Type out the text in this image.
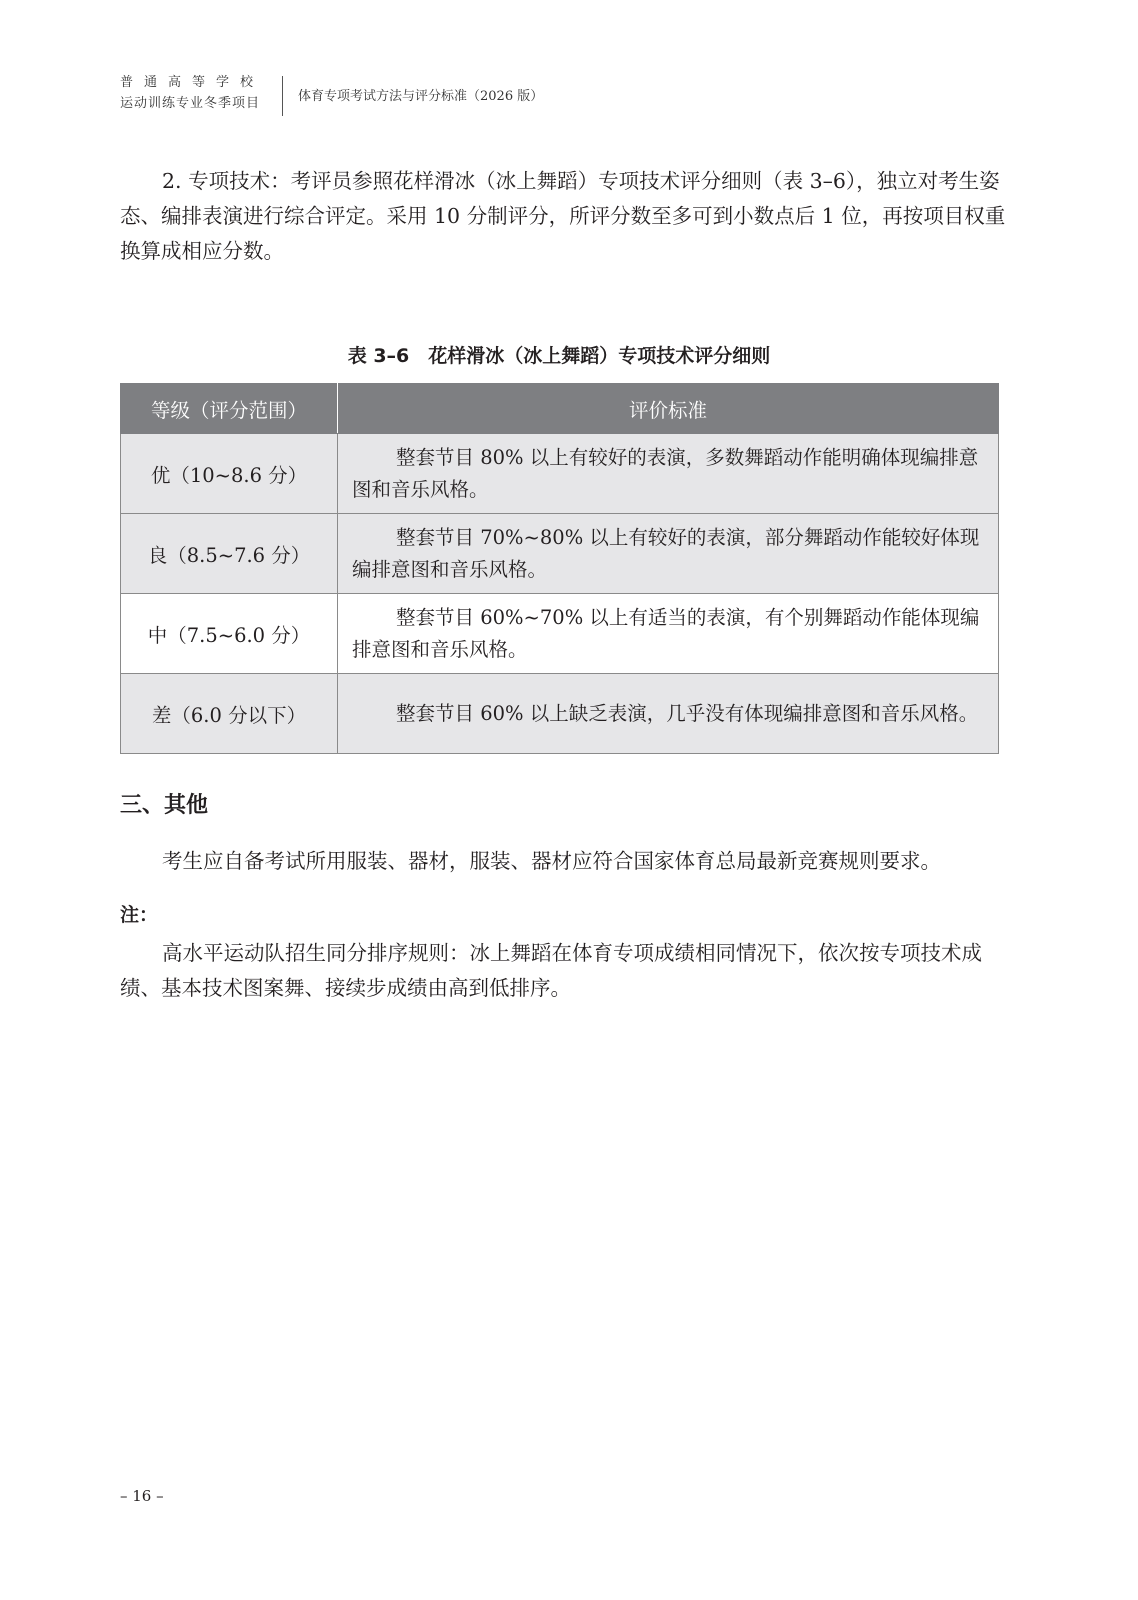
普通高等学校
运动训练专业冬季项目	体育专项考试方法与评分标准（2026 版）

2. 专项技术：考评员参照花样滑冰（冰上舞蹈）专项技术评分细则（表 3–6），独立对考生姿态、编排表演进行综合评定。采用 10 分制评分，所评分数至多可到小数点后 1 位，再按项目权重换算成相应分数。

表 3–6　花样滑冰（冰上舞蹈）专项技术评分细则
等级（评分范围）	评价标准
优（10~8.6 分）	整套节目 80% 以上有较好的表演，多数舞蹈动作能明确体现编排意图和音乐风格。

良（8.5~7.6 分）	整套节目 70%~80% 以上有较好的表演，部分舞蹈动作能较好体现编排意图和音乐风格。

中（7.5~6.0 分）	整套节目 60%~70% 以上有适当的表演，有个别舞蹈动作能体现编排意图和音乐风格。

差（6.0 分以下）	整套节目 60% 以上缺乏表演，几乎没有体现编排意图和音乐风格。
三、其他

考生应自备考试所用服装、器材，服装、器材应符合国家体育总局最新竞赛规则要求。

注：

高水平运动队招生同分排序规则：冰上舞蹈在体育专项成绩相同情况下，依次按专项技术成绩、基本技术图案舞、接续步成绩由高到低排序。

– 16 –
